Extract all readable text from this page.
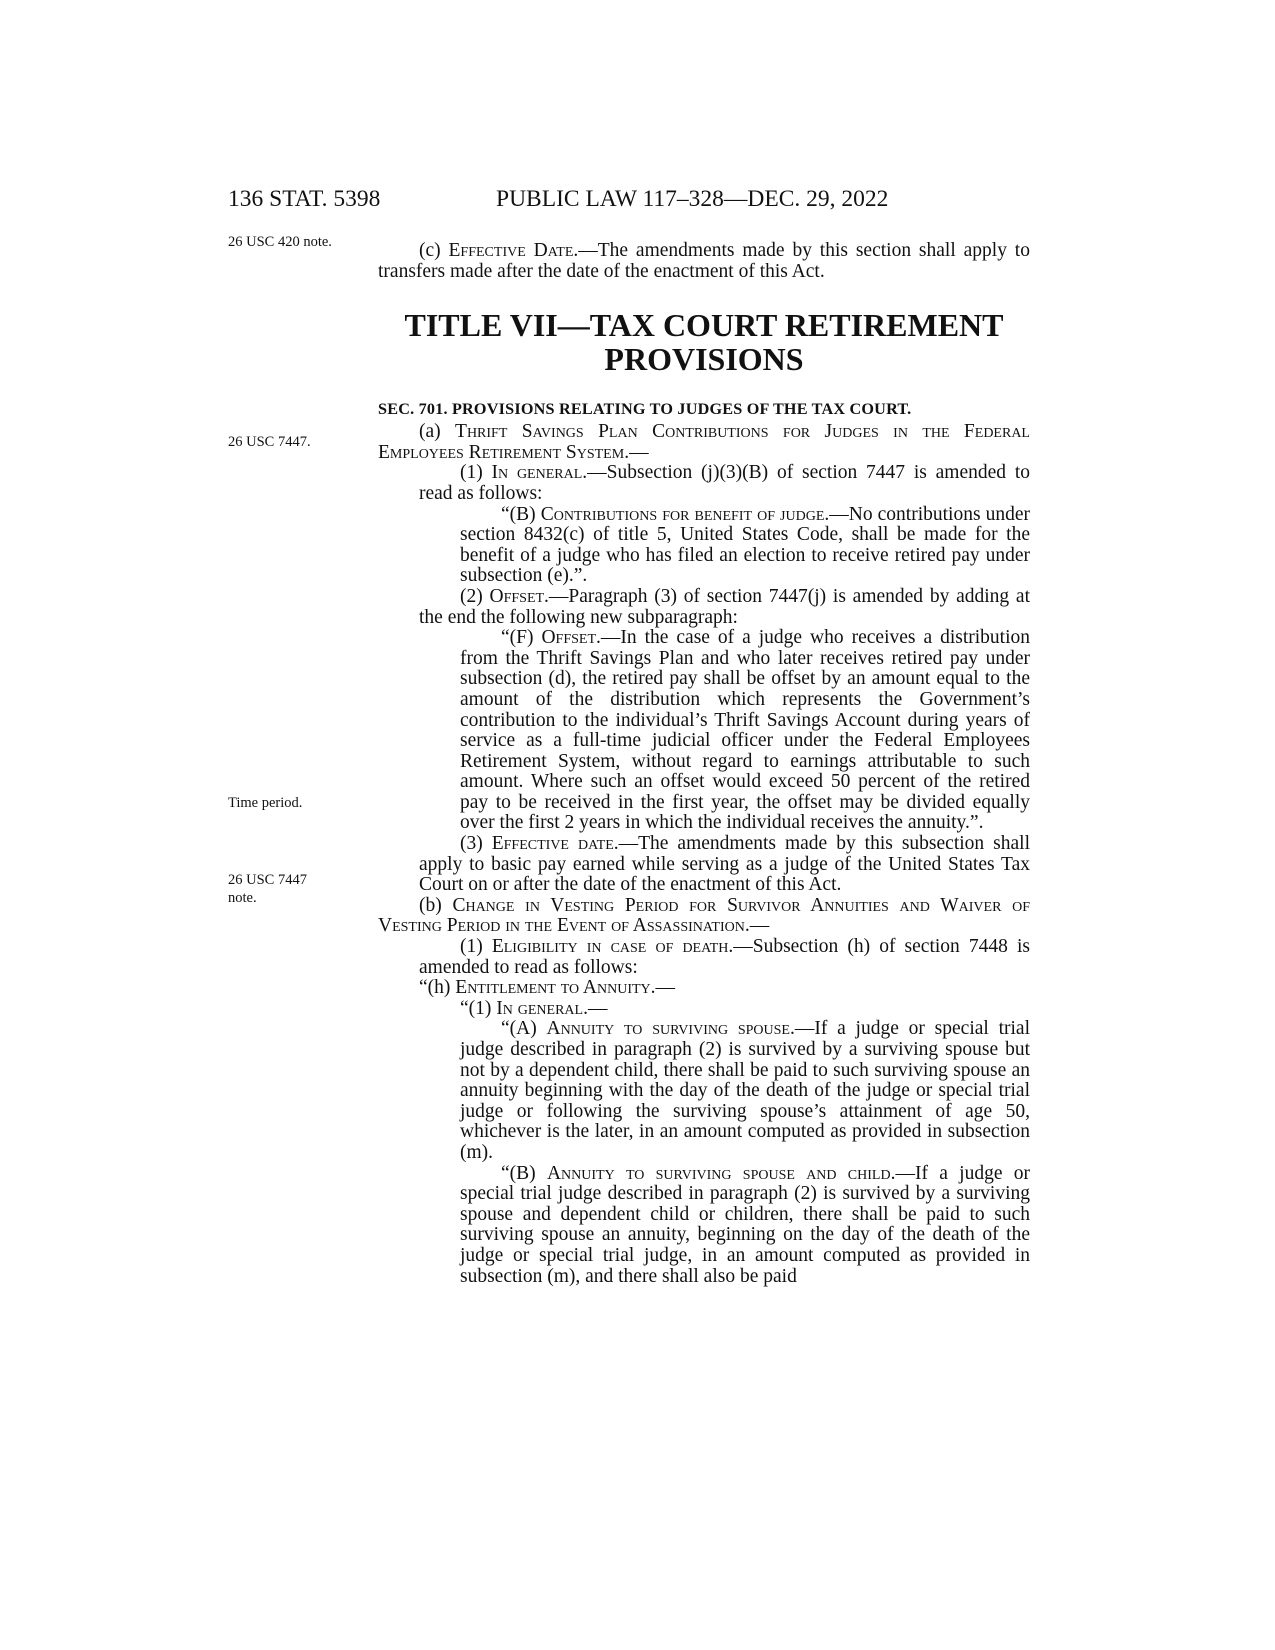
136 STAT. 5398	PUBLIC LAW 117–328—DEC. 29, 2022
26 USC 420 note.
26 USC 7447.
Time period.
26 USC 7447
note.

(c) Effective Date.—The amendments made by this section shall apply to transfers made after the date of the enactment of this Act.

TITLE VII—TAX COURT RETIREMENT
PROVISIONS

SEC. 701. PROVISIONS RELATING TO JUDGES OF THE TAX COURT.

(a) Thrift Savings Plan Contributions for Judges in the Federal Employees Retirement System.—

(1) In general.—Subsection (j)(3)(B) of section 7447 is amended to read as follows:

“(B) Contributions for benefit of judge.—No contributions under section 8432(c) of title 5, United States Code, shall be made for the benefit of a judge who has filed an election to receive retired pay under subsection (e).”.

(2) Offset.—Paragraph (3) of section 7447(j) is amended by adding at the end the following new subparagraph:

“(F) Offset.—In the case of a judge who receives a distribution from the Thrift Savings Plan and who later receives retired pay under subsection (d), the retired pay shall be offset by an amount equal to the amount of the distribution which represents the Government’s contribution to the individual’s Thrift Savings Account during years of service as a full-time judicial officer under the Federal Employees Retirement System, without regard to earnings attributable to such amount. Where such an offset would exceed 50 percent of the retired pay to be received in the first year, the offset may be divided equally over the first 2 years in which the individual receives the annuity.”.

(3) Effective date.—The amendments made by this subsection shall apply to basic pay earned while serving as a judge of the United States Tax Court on or after the date of the enactment of this Act.

(b) Change in Vesting Period for Survivor Annuities and Waiver of Vesting Period in the Event of Assassination.—

(1) Eligibility in case of death.—Subsection (h) of section 7448 is amended to read as follows:

“(h) Entitlement to Annuity.—

“(1) In general.—

“(A) Annuity to surviving spouse.—If a judge or special trial judge described in paragraph (2) is survived by a surviving spouse but not by a dependent child, there shall be paid to such surviving spouse an annuity beginning with the day of the death of the judge or special trial judge or following the surviving spouse’s attainment of age 50, whichever is the later, in an amount computed as provided in subsection (m).

“(B) Annuity to surviving spouse and child.—If a judge or special trial judge described in paragraph (2) is survived by a surviving spouse and dependent child or children, there shall be paid to such surviving spouse an annuity, beginning on the day of the death of the judge or special trial judge, in an amount computed as provided in subsection (m), and there shall also be paid
